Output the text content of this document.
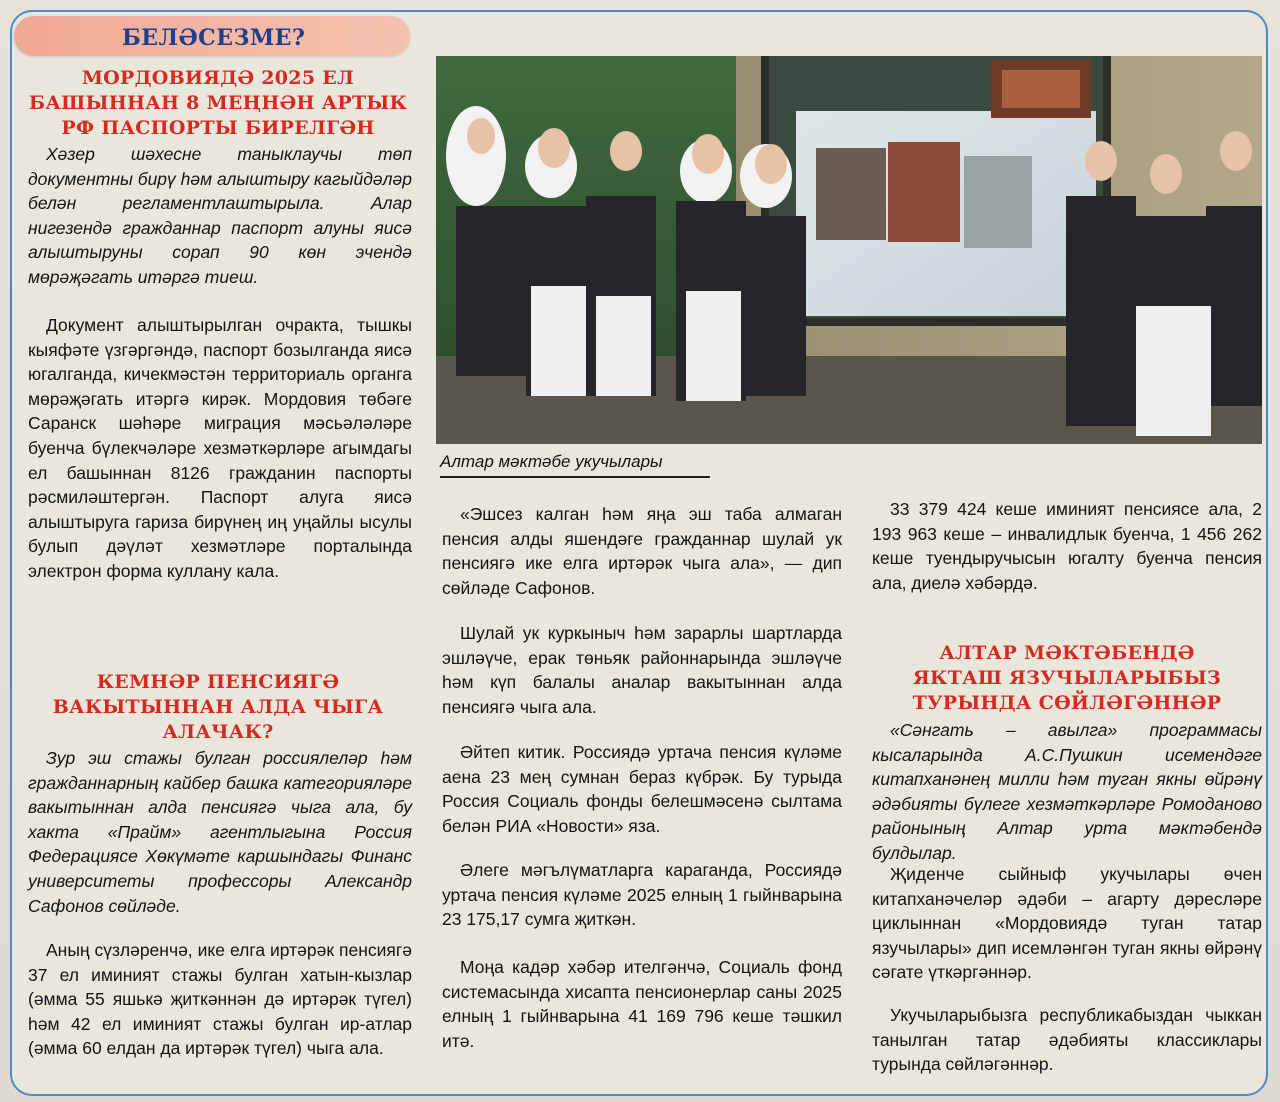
БЕЛӘСЕЗМЕ?
МОРДОВИЯДӘ 2025 ЕЛ
БАШЫННАН 8 МЕҢНӘН АРТЫК
РФ ПАСПОРТЫ БИРЕЛГӘН

Хәзер шәхесне таныклаучы төп документны бирү һәм алыштыру кагыйдәләр белән регламентлаштырыла. Алар нигезендә гражданнар паспорт алуны яисә алыштыруны сорап 90 көн эчендә мөрәҗәгать итәргә тиеш.

Документ алыштырылган очракта, тышкы кыяфәте үзгәргәндә, паспорт бозылганда яисә югалганда, кичекмәстән территориаль органга мөрәҗәгать итәргә кирәк. Мордовия төбәге Саранск шәһәре миграция мәсьәләләре буенча бүлекчәләре хезмәткәрләре агымдагы ел башыннан 8126 гражданин паспорты рәсмиләштергән. Паспорт алуга яисә алыштыруга гариза бирүнең иң уңайлы ысулы булып дәүләт хезмәтләре порталында электрон форма куллану кала.

КЕМНӘР ПЕНСИЯГӘ
ВАКЫТЫННАН АЛДА ЧЫГА
АЛАЧАК?

Зур эш стажы булган россиялеләр һәм гражданнарның кайбер башка категорияләре вакытыннан алда пенсиягә чыга ала, бу хакта «Прайм» агентлыгына Россия Федерациясе Хөкүмәте каршындагы Финанс университеты профессоры Александр Сафонов сөйләде.

Аның сүзләренчә, ике елга иртәрәк пенсиягә 37 ел иминият стажы булган хатын-кызлар (әмма 55 яшькә җиткәннән дә иртәрәк түгел) һәм 42 ел иминият стажы булган ир-атлар (әмма 60 елдан да иртәрәк түгел) чыга ала.

Алтар мәктәбе укучылары

«Эшсез калган һәм яңа эш таба алмаган пенсия алды яшендәге гражданнар шулай ук пенсиягә ике елга иртәрәк чыга ала», — дип сөйләде Сафонов.

Шулай ук куркыныч һәм зарарлы шартларда эшләүче, ерак төньяк районнарында эшләүче һәм күп балалы аналар вакытыннан алда пенсиягә чыга ала.

Әйтеп китик. Россиядә уртача пенсия күләме аена 23 мең сумнан бераз күбрәк. Бу турыда Россия Социаль фонды белешмәсенә сылтама белән РИА «Новости» яза.

Әлеге мәгълүматларга караганда, Россиядә уртача пенсия күләме 2025 елның 1 гыйнварына 23 175,17 сумга җиткән.

Моңа кадәр хәбәр ителгәнчә, Социаль фонд системасында хисапта пенсионерлар саны 2025 елның 1 гыйнварына 41 169 796 кеше тәшкил итә.

33 379 424 кеше иминият пенсиясе ала, 2 193 963 кеше – инвалидлык буенча, 1 456 262 кеше туендыручысын югалту буенча пенсия ала, диелә хәбәрдә.

АЛТАР МӘКТӘБЕНДӘ
ЯКТАШ ЯЗУЧЫЛАРЫБЫЗ
ТУРЫНДА СӨЙЛӘГӘННӘР

«Сәнгать – авылга» программасы кысаларында А.С.Пушкин исемендәге китапханәнең милли һәм туган якны өйрәнү әдәбияты бүлеге хезмәткәрләре Ромоданово районының Алтар урта мәктәбендә булдылар.

Җиденче сыйныф укучылары өчен китапханәчеләр әдәби – агарту дәресләре циклыннан «Мордовиядә туган татар язучылары» дип исемләнгән туган якны өйрәнү сәгате үткәргәннәр.

Укучыларыбызга республикабыздан чыккан танылган татар әдәбияты классиклары турында сөйләгәннәр.
